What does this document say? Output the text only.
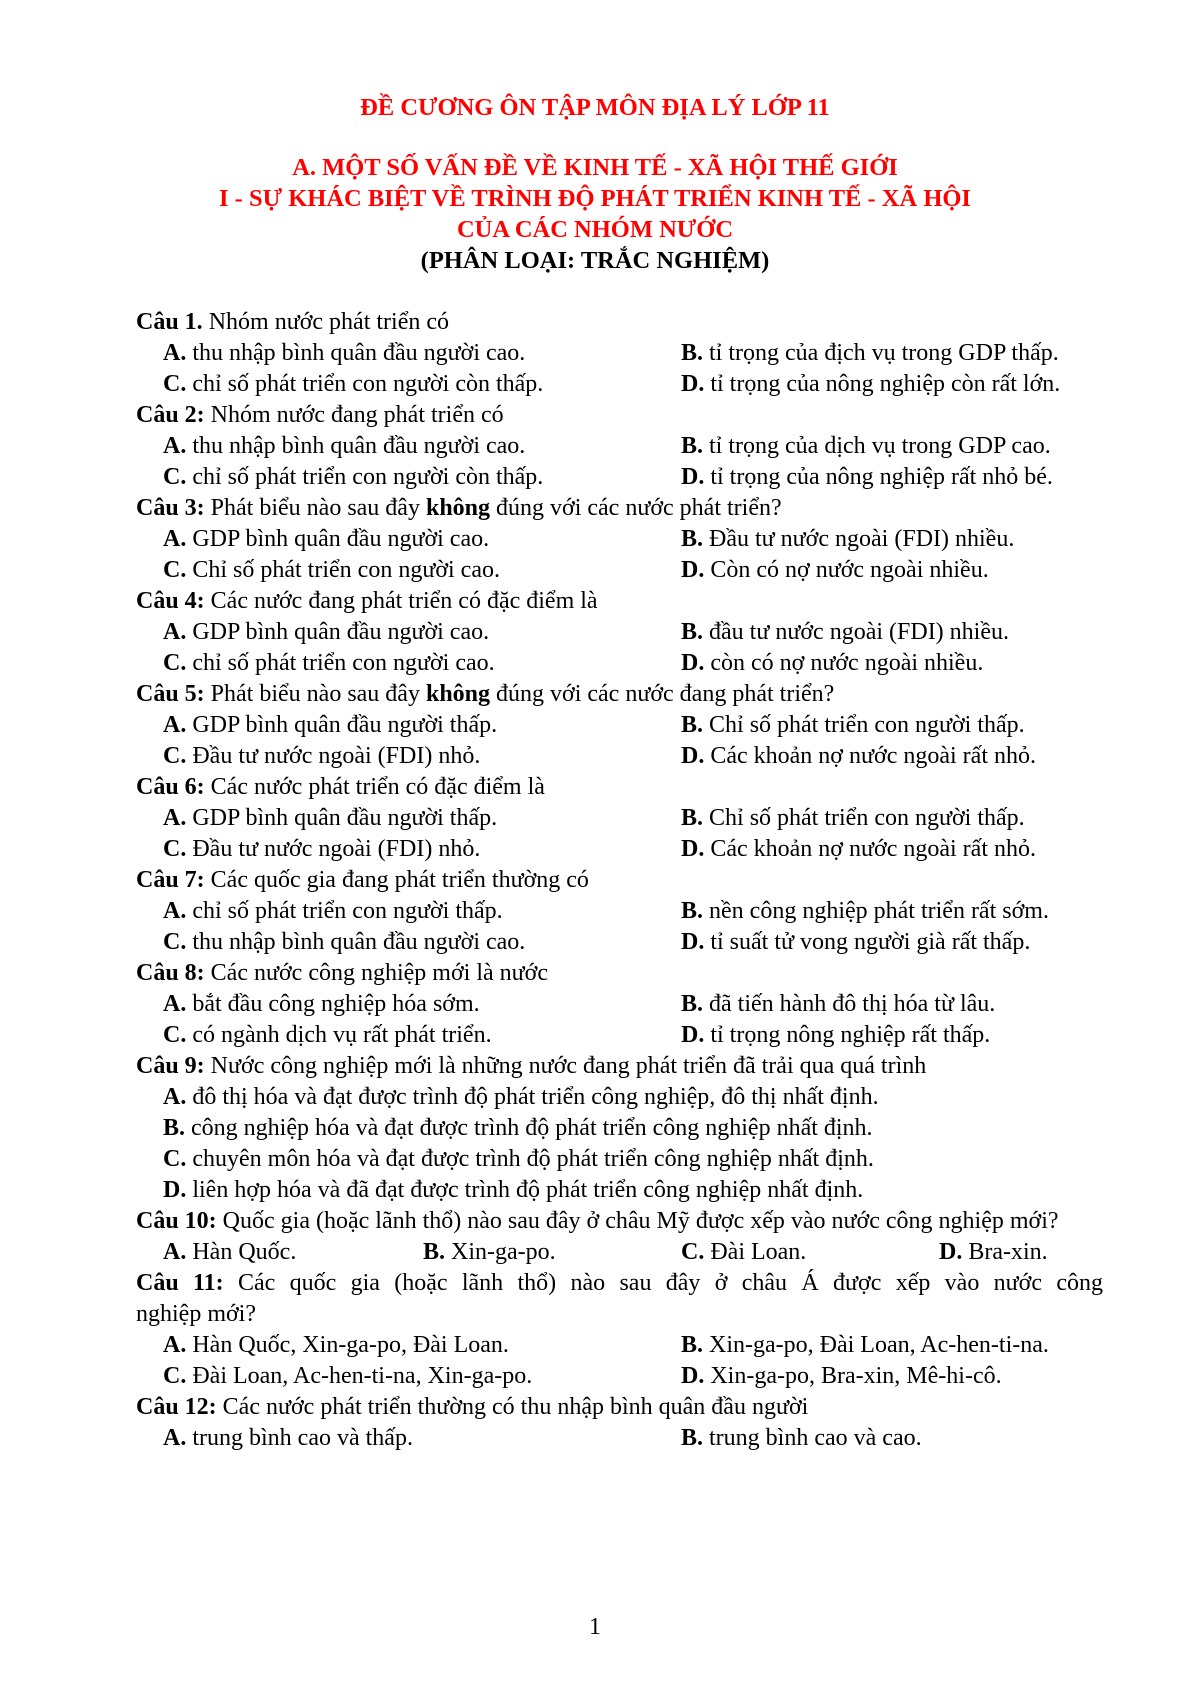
ĐỀ CƯƠNG ÔN TẬP MÔN ĐỊA LÝ LỚP 11
A. MỘT SỐ VẤN ĐỀ VỀ KINH TẾ - XÃ HỘI THẾ GIỚI
I - SỰ KHÁC BIỆT VỀ TRÌNH ĐỘ PHÁT TRIỂN KINH TẾ - XÃ HỘI
CỦA CÁC NHÓM NƯỚC
(PHÂN LOẠI: TRẮC NGHIỆM)
Câu 1. Nhóm nước phát triển có
A. thu nhập bình quân đầu người cao.	B. tỉ trọng của địch vụ trong GDP thấp.
C. chỉ số phát triển con người còn thấp.	D. tỉ trọng của nông nghiệp còn rất lớn.
Câu 2: Nhóm nước đang phát triển có
A. thu nhập bình quân đầu người cao.	B. tỉ trọng của dịch vụ trong GDP cao.
C. chỉ số phát triển con người còn thấp.	D. tỉ trọng của nông nghiệp rất nhỏ bé.
Câu 3: Phát biểu nào sau đây không đúng với các nước phát triển?
A. GDP bình quân đầu người cao.	B. Đầu tư nước ngoài (FDI) nhiều.
C. Chỉ số phát triển con người cao.	D. Còn có nợ nước ngoài nhiều.
Câu 4: Các nước đang phát triển có đặc điểm là
A. GDP bình quân đầu người cao.	B. đầu tư nước ngoài (FDI) nhiều.
C. chỉ số phát triển con người cao.	D. còn có nợ nước ngoài nhiều.
Câu 5: Phát biểu nào sau đây không đúng với các nước đang phát triển?
A. GDP bình quân đầu người thấp.	B. Chỉ số phát triển con người thấp.
C. Đầu tư nước ngoài (FDI) nhỏ.	D. Các khoản nợ nước ngoài rất nhỏ.
Câu 6: Các nước phát triển có đặc điểm là
A. GDP bình quân đầu người thấp.	B. Chỉ số phát triển con người thấp.
C. Đầu tư nước ngoài (FDI) nhỏ.	D. Các khoản nợ nước ngoài rất nhỏ.
Câu 7: Các quốc gia đang phát triển thường có
A. chỉ số phát triển con người thấp.	B. nền công nghiệp phát triển rất sớm.
C. thu nhập bình quân đầu người cao.	D. tỉ suất tử vong người già rất thấp.
Câu 8: Các nước công nghiệp mới là nước
A. bắt đầu công nghiệp hóa sớm.	B. đã tiến hành đô thị hóa từ lâu.
C. có ngành dịch vụ rất phát triển.	D. tỉ trọng nông nghiệp rất thấp.
Câu 9: Nước công nghiệp mới là những nước đang phát triển đã trải qua quá trình
A. đô thị hóa và đạt được trình độ phát triển công nghiệp, đô thị nhất định.
B. công nghiệp hóa và đạt được trình độ phát triển công nghiệp nhất định.
C. chuyên môn hóa và đạt được trình độ phát triển công nghiệp nhất định.
D. liên hợp hóa và đã đạt được trình độ phát triển công nghiệp nhất định.
Câu 10: Quốc gia (hoặc lãnh thổ) nào sau đây ở châu Mỹ được xếp vào nước công nghiệp mới?
A. Hàn Quốc.	B. Xin-ga-po.	C. Đài Loan.	D. Bra-xin.
Câu 11: Các quốc gia (hoặc lãnh thổ) nào sau đây ở châu Á được xếp vào nước công
nghiệp mới?
A. Hàn Quốc, Xin-ga-po, Đài Loan.	B. Xin-ga-po, Đài Loan, Ac-hen-ti-na.
C. Đài Loan, Ac-hen-ti-na, Xin-ga-po.	D. Xin-ga-po, Bra-xin, Mê-hi-cô.
Câu 12: Các nước phát triển thường có thu nhập bình quân đầu người
A. trung bình cao và thấp.	B. trung bình cao và cao.
1
